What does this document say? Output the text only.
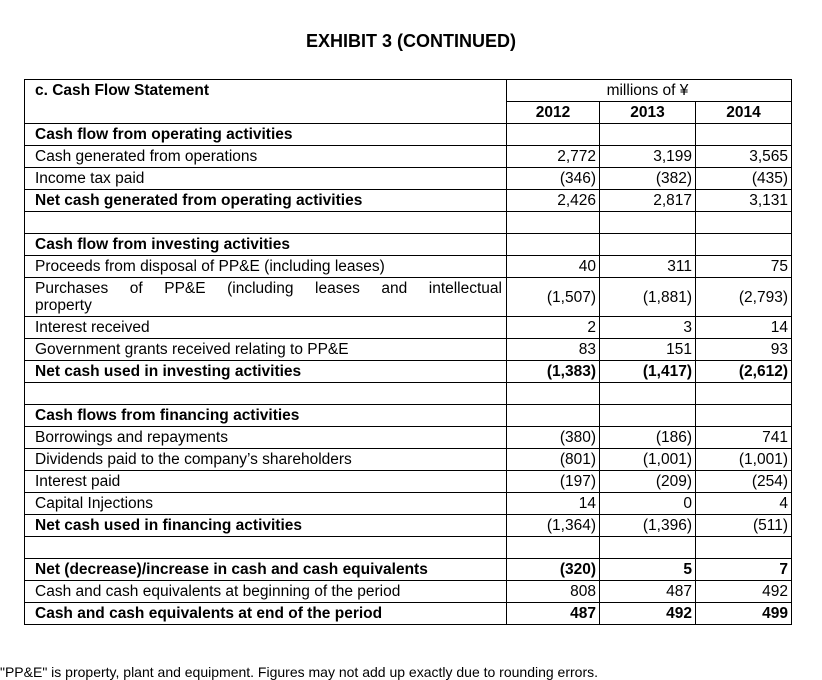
EXHIBIT 3 (CONTINUED)
c. Cash Flow Statement		millions of ¥	
	2012	2013	2014
Cash flow from operating activities			
Cash generated from operations	2,772	3,199	3,565
Income tax paid	(346)	(382)	(435)
Net cash generated from operating activities	2,426	2,817	3,131

Cash flow from investing activities			
Proceeds from disposal of PP&E (including leases)	40	311	75

Purchases of PP&E (including leases and intellectual
property	(1,507)	(1,881)	(2,793)
Interest received	2	3	14
Government grants received relating to PP&E	83	151	93
Net cash used in investing activities	(1,383)	(1,417)	(2,612)

Cash flows from financing activities			
Borrowings and repayments	(380)	(186)	741
Dividends paid to the company’s shareholders	(801)	(1,001)	(1,001)
Interest paid	(197)	(209)	(254)
Capital Injections	14	0	4
Net cash used in financing activities	(1,364)	(1,396)	(511)

Net (decrease)/increase in cash and cash equivalents	(320)	5	7
Cash and cash equivalents at beginning of the period	808	487	492
Cash and cash equivalents at end of the period	487	492	499
"PP&E" is property, plant and equipment. Figures may not add up exactly due to rounding errors.
